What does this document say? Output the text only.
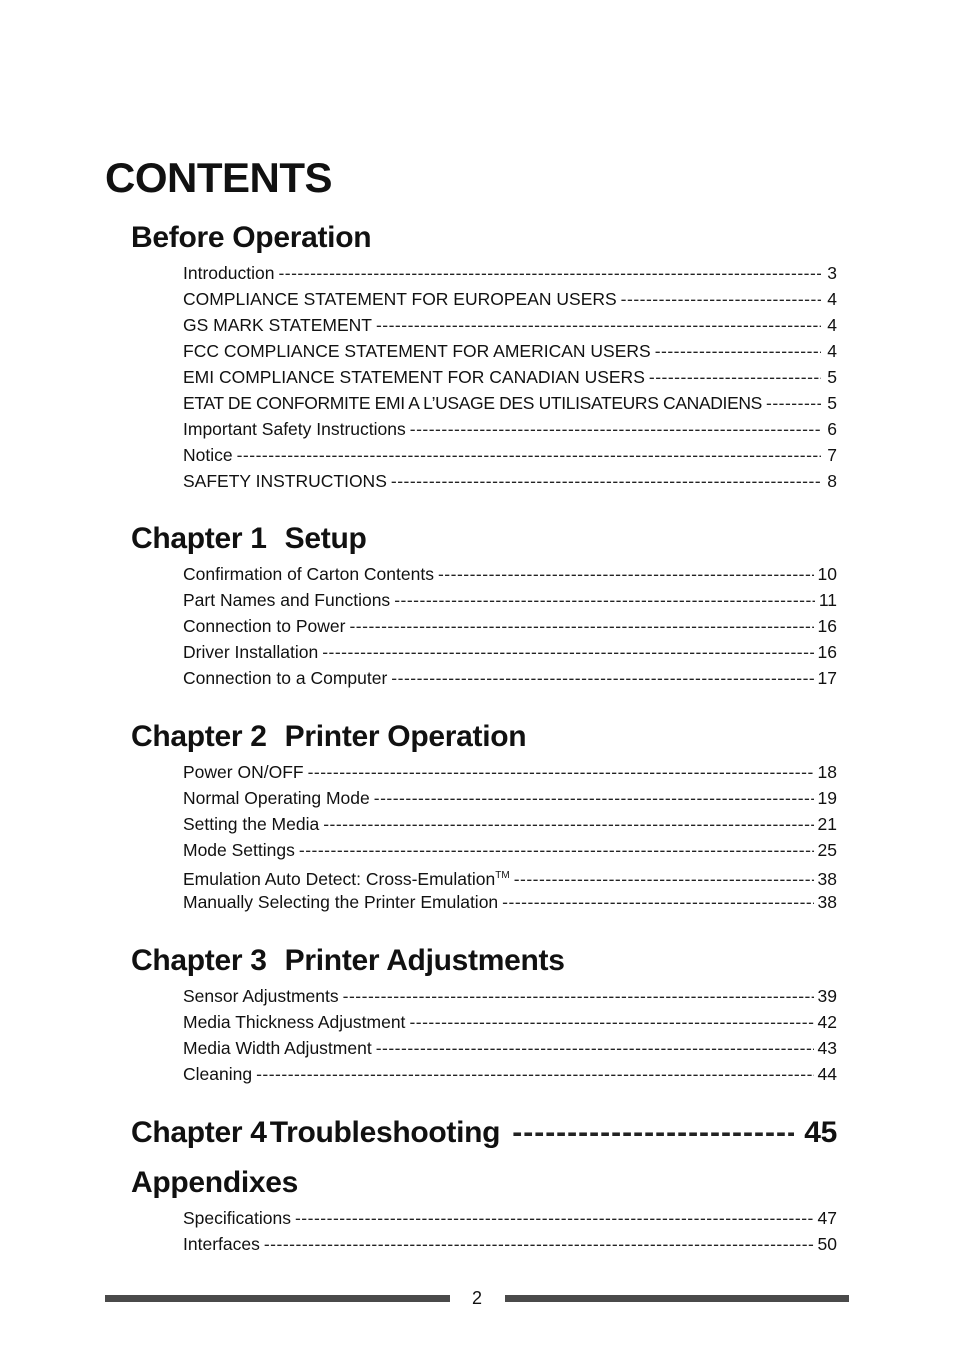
CONTENTS
Before Operation
Introduction -----	3
COMPLIANCE STATEMENT FOR EUROPEAN USERS -----	4
GS MARK STATEMENT -----	4
FCC COMPLIANCE STATEMENT FOR AMERICAN USERS -----	4
EMI COMPLIANCE STATEMENT FOR CANADIAN USERS -----	5
ETAT DE CONFORMITE EMI A L’USAGE DES UTILISATEURS CANADIENS -----	5
Important Safety Instructions -----	6
Notice -----	7
SAFETY INSTRUCTIONS -----	8
Chapter 1 Setup
Confirmation of Carton Contents -----	10
Part Names and Functions -----	11
Connection to Power -----	16
Driver Installation -----	16
Connection to a Computer -----	17
Chapter 2 Printer Operation
Power ON/OFF -----	18
Normal Operating Mode -----	19
Setting the Media -----	21
Mode Settings -----	25
Emulation Auto Detect: Cross-Emulation™ -----	38
Manually Selecting the Printer Emulation -----	38
Chapter 3 Printer Adjustments
Sensor Adjustments -----	39
Media Thickness Adjustment -----	42
Media Width Adjustment -----	43
Cleaning -----	44
Chapter 4 Troubleshooting -----	45
Appendixes
Specifications -----	47
Interfaces -----	50
2
